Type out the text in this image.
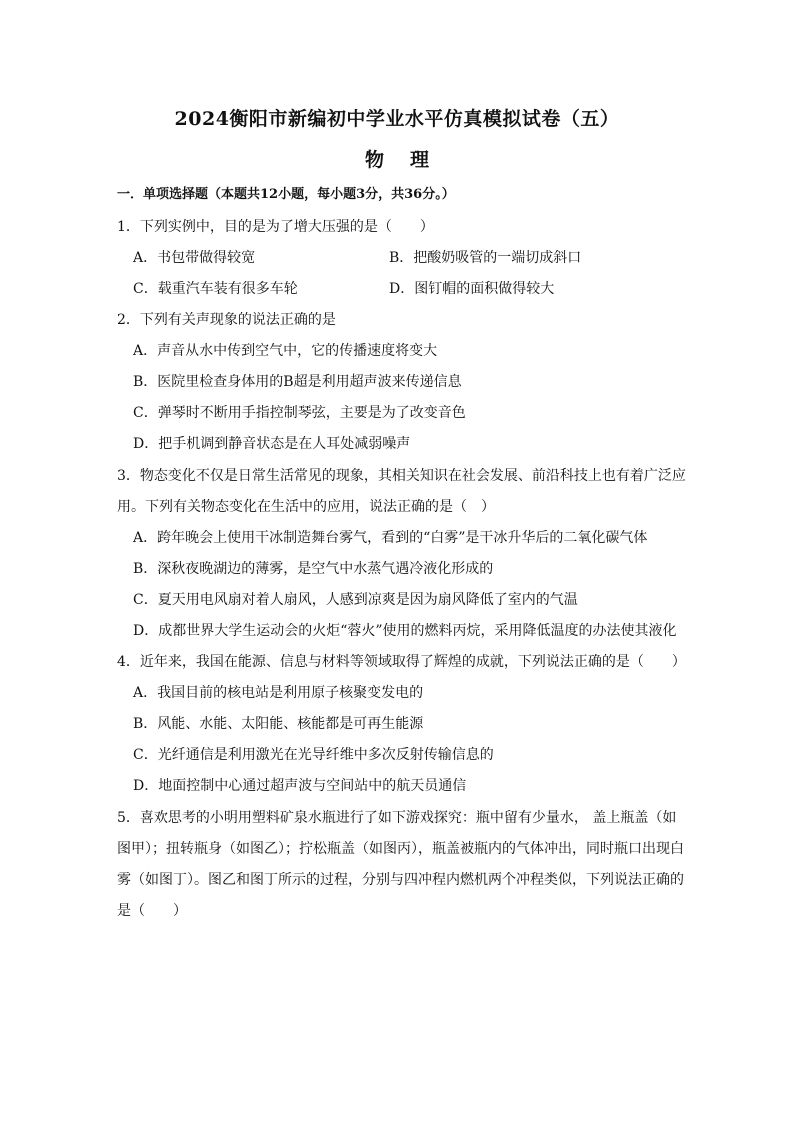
2024衡阳市新编初中学业水平仿真模拟试卷（五）
物理
一．单项选择题（本题共12小题，每小题3分，共36分。）
1．下列实例中，目的是为了增大压强的是（　　）
A．书包带做得较宽	B．把酸奶吸管的一端切成斜口
C．载重汽车装有很多车轮	D．图钉帽的面积做得较大
2．下列有关声现象的说法正确的是
A．声音从水中传到空气中，它的传播速度将变大
B．医院里检查身体用的B超是利用超声波来传递信息
C．弹琴时不断用手指控制琴弦，主要是为了改变音色
D．把手机调到静音状态是在人耳处减弱噪声
3．物态变化不仅是日常生活常见的现象，其相关知识在社会发展、前沿科技上也有着广泛应
用。下列有关物态变化在生活中的应用，说法正确的是（　）
A．跨年晚会上使用干冰制造舞台雾气，看到的“白雾”是干冰升华后的二氧化碳气体
B．深秋夜晚湖边的薄雾，是空气中水蒸气遇冷液化形成的
C．夏天用电风扇对着人扇风，人感到凉爽是因为扇风降低了室内的气温
D．成都世界大学生运动会的火炬“蓉火”使用的燃料丙烷，采用降低温度的办法使其液化
4．近年来，我国在能源、信息与材料等领域取得了辉煌的成就，下列说法正确的是（　　）
A．我国目前的核电站是利用原子核聚变发电的
B．风能、水能、太阳能、核能都是可再生能源
C．光纤通信是利用激光在光导纤维中多次反射传输信息的
D．地面控制中心通过超声波与空间站中的航天员通信
5．喜欢思考的小明用塑料矿泉水瓶进行了如下游戏探究：瓶中留有少量水， 盖上瓶盖（如
图甲）；扭转瓶身（如图乙）；拧松瓶盖（如图丙），瓶盖被瓶内的气体冲出，同时瓶口出现白
雾（如图丁）。图乙和图丁所示的过程，分别与四冲程内燃机两个冲程类似，下列说法正确的
是（　　）
